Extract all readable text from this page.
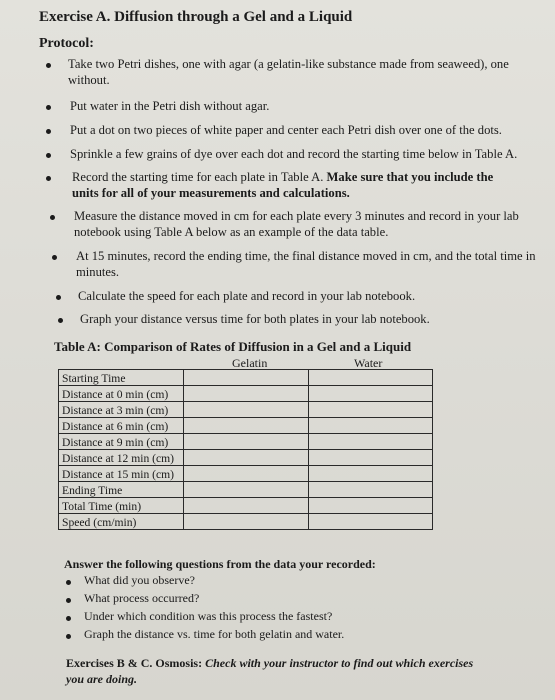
Exercise A. Diffusion through a Gel and a Liquid
Protocol:
Take two Petri dishes, one with agar (a gelatin-like substance made from seaweed), one
without.
Put water in the Petri dish without agar.
Put a dot on two pieces of white paper and center each Petri dish over one of the dots.
Sprinkle a few grains of dye over each dot and record the starting time below in Table A.
Record the starting time for each plate in Table A. Make sure that you include the
units for all of your measurements and calculations.
Measure the distance moved in cm for each plate every 3 minutes and record in your lab
notebook using Table A below as an example of the data table.
At 15 minutes, record the ending time, the final distance moved in cm, and the total time in
minutes.
Calculate the speed for each plate and record in your lab notebook.
Graph your distance versus time for both plates in your lab notebook.
Table A: Comparison of Rates of Diffusion in a Gel and a Liquid
Gelatin	Water
Starting Time
Distance at 0 min (cm)
Distance at 3 min (cm)
Distance at 6 min (cm)
Distance at 9 min (cm)
Distance at 12 min (cm)
Distance at 15 min (cm)
Ending Time
Total Time (min)
Speed (cm/min)
Answer the following questions from the data your recorded:
What did you observe?
What process occurred?
Under which condition was this process the fastest?
Graph the distance vs. time for both gelatin and water.
Exercises B & C. Osmosis: Check with your instructor to find out which exercises
you are doing.
